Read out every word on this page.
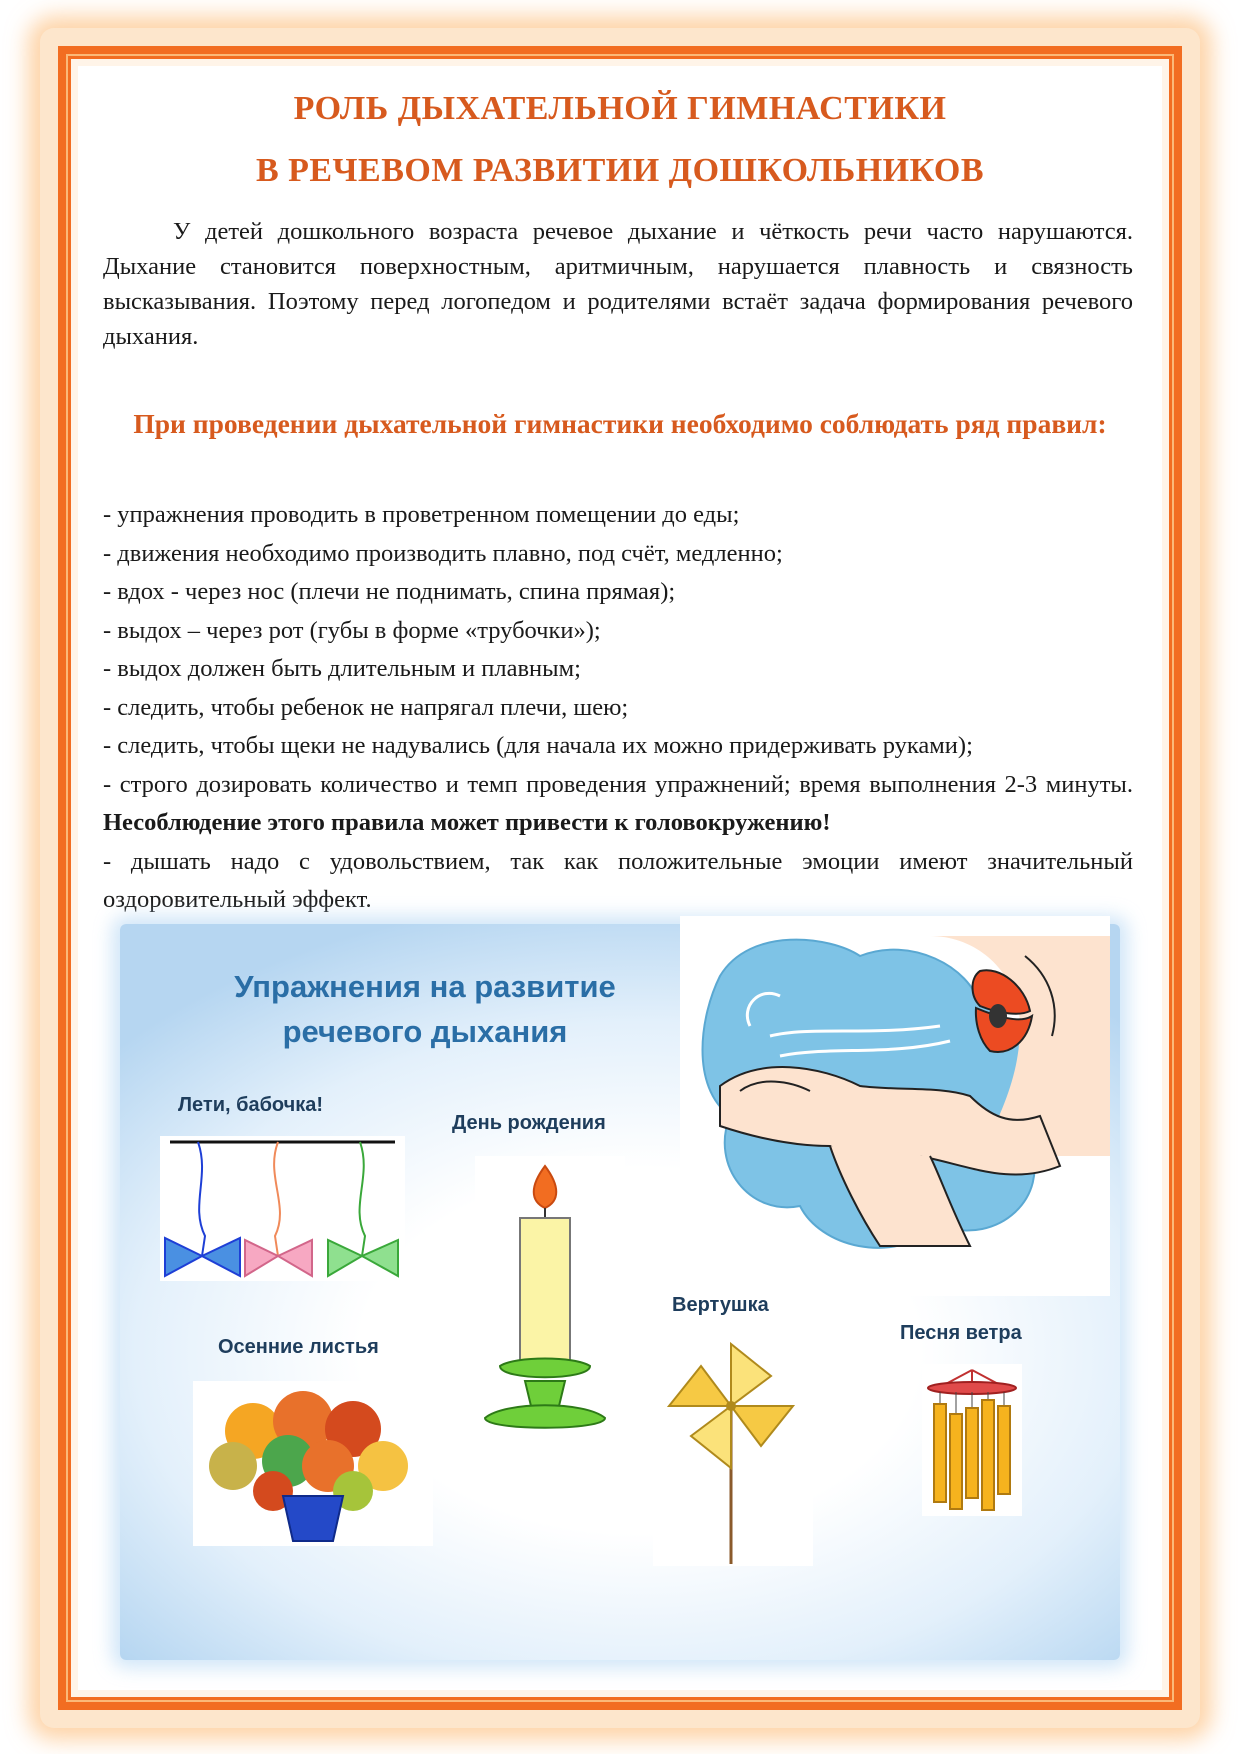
РОЛЬ ДЫХАТЕЛЬНОЙ ГИМНАСТИКИ
В РЕЧЕВОМ РАЗВИТИИ ДОШКОЛЬНИКОВ

У детей дошкольного возраста речевое дыхание и чёткость речи часто нарушаются. Дыхание становится поверхностным, аритмичным, нарушается плавность и связность высказывания. Поэтому перед логопедом и родителями встаёт задача формирования речевого дыхания.

При проведении дыхательной гимнастики необходимо соблюдать ряд правил:
- упражнения проводить в проветренном помещении до еды;
- движения необходимо производить плавно, под счёт, медленно;
- вдох - через нос (плечи не поднимать, спина прямая);
- выдох – через рот (губы в форме «трубочки»);
- выдох должен быть длительным и плавным;
- следить, чтобы ребенок не напрягал плечи, шею;
- следить, чтобы щеки не надувались (для начала их можно придерживать руками);
- строго дозировать количество и темп проведения упражнений; время выполнения 2-3 минуты. Несоблюдение этого правила может привести к головокружению!
- дышать надо с удовольствием, так как положительные эмоции имеют значительный оздоровительный эффект.
Упражнения на развитие речевого дыхания
Лети, бабочка!
День рождения
Осенние листья
Вертушка
Песня ветра
